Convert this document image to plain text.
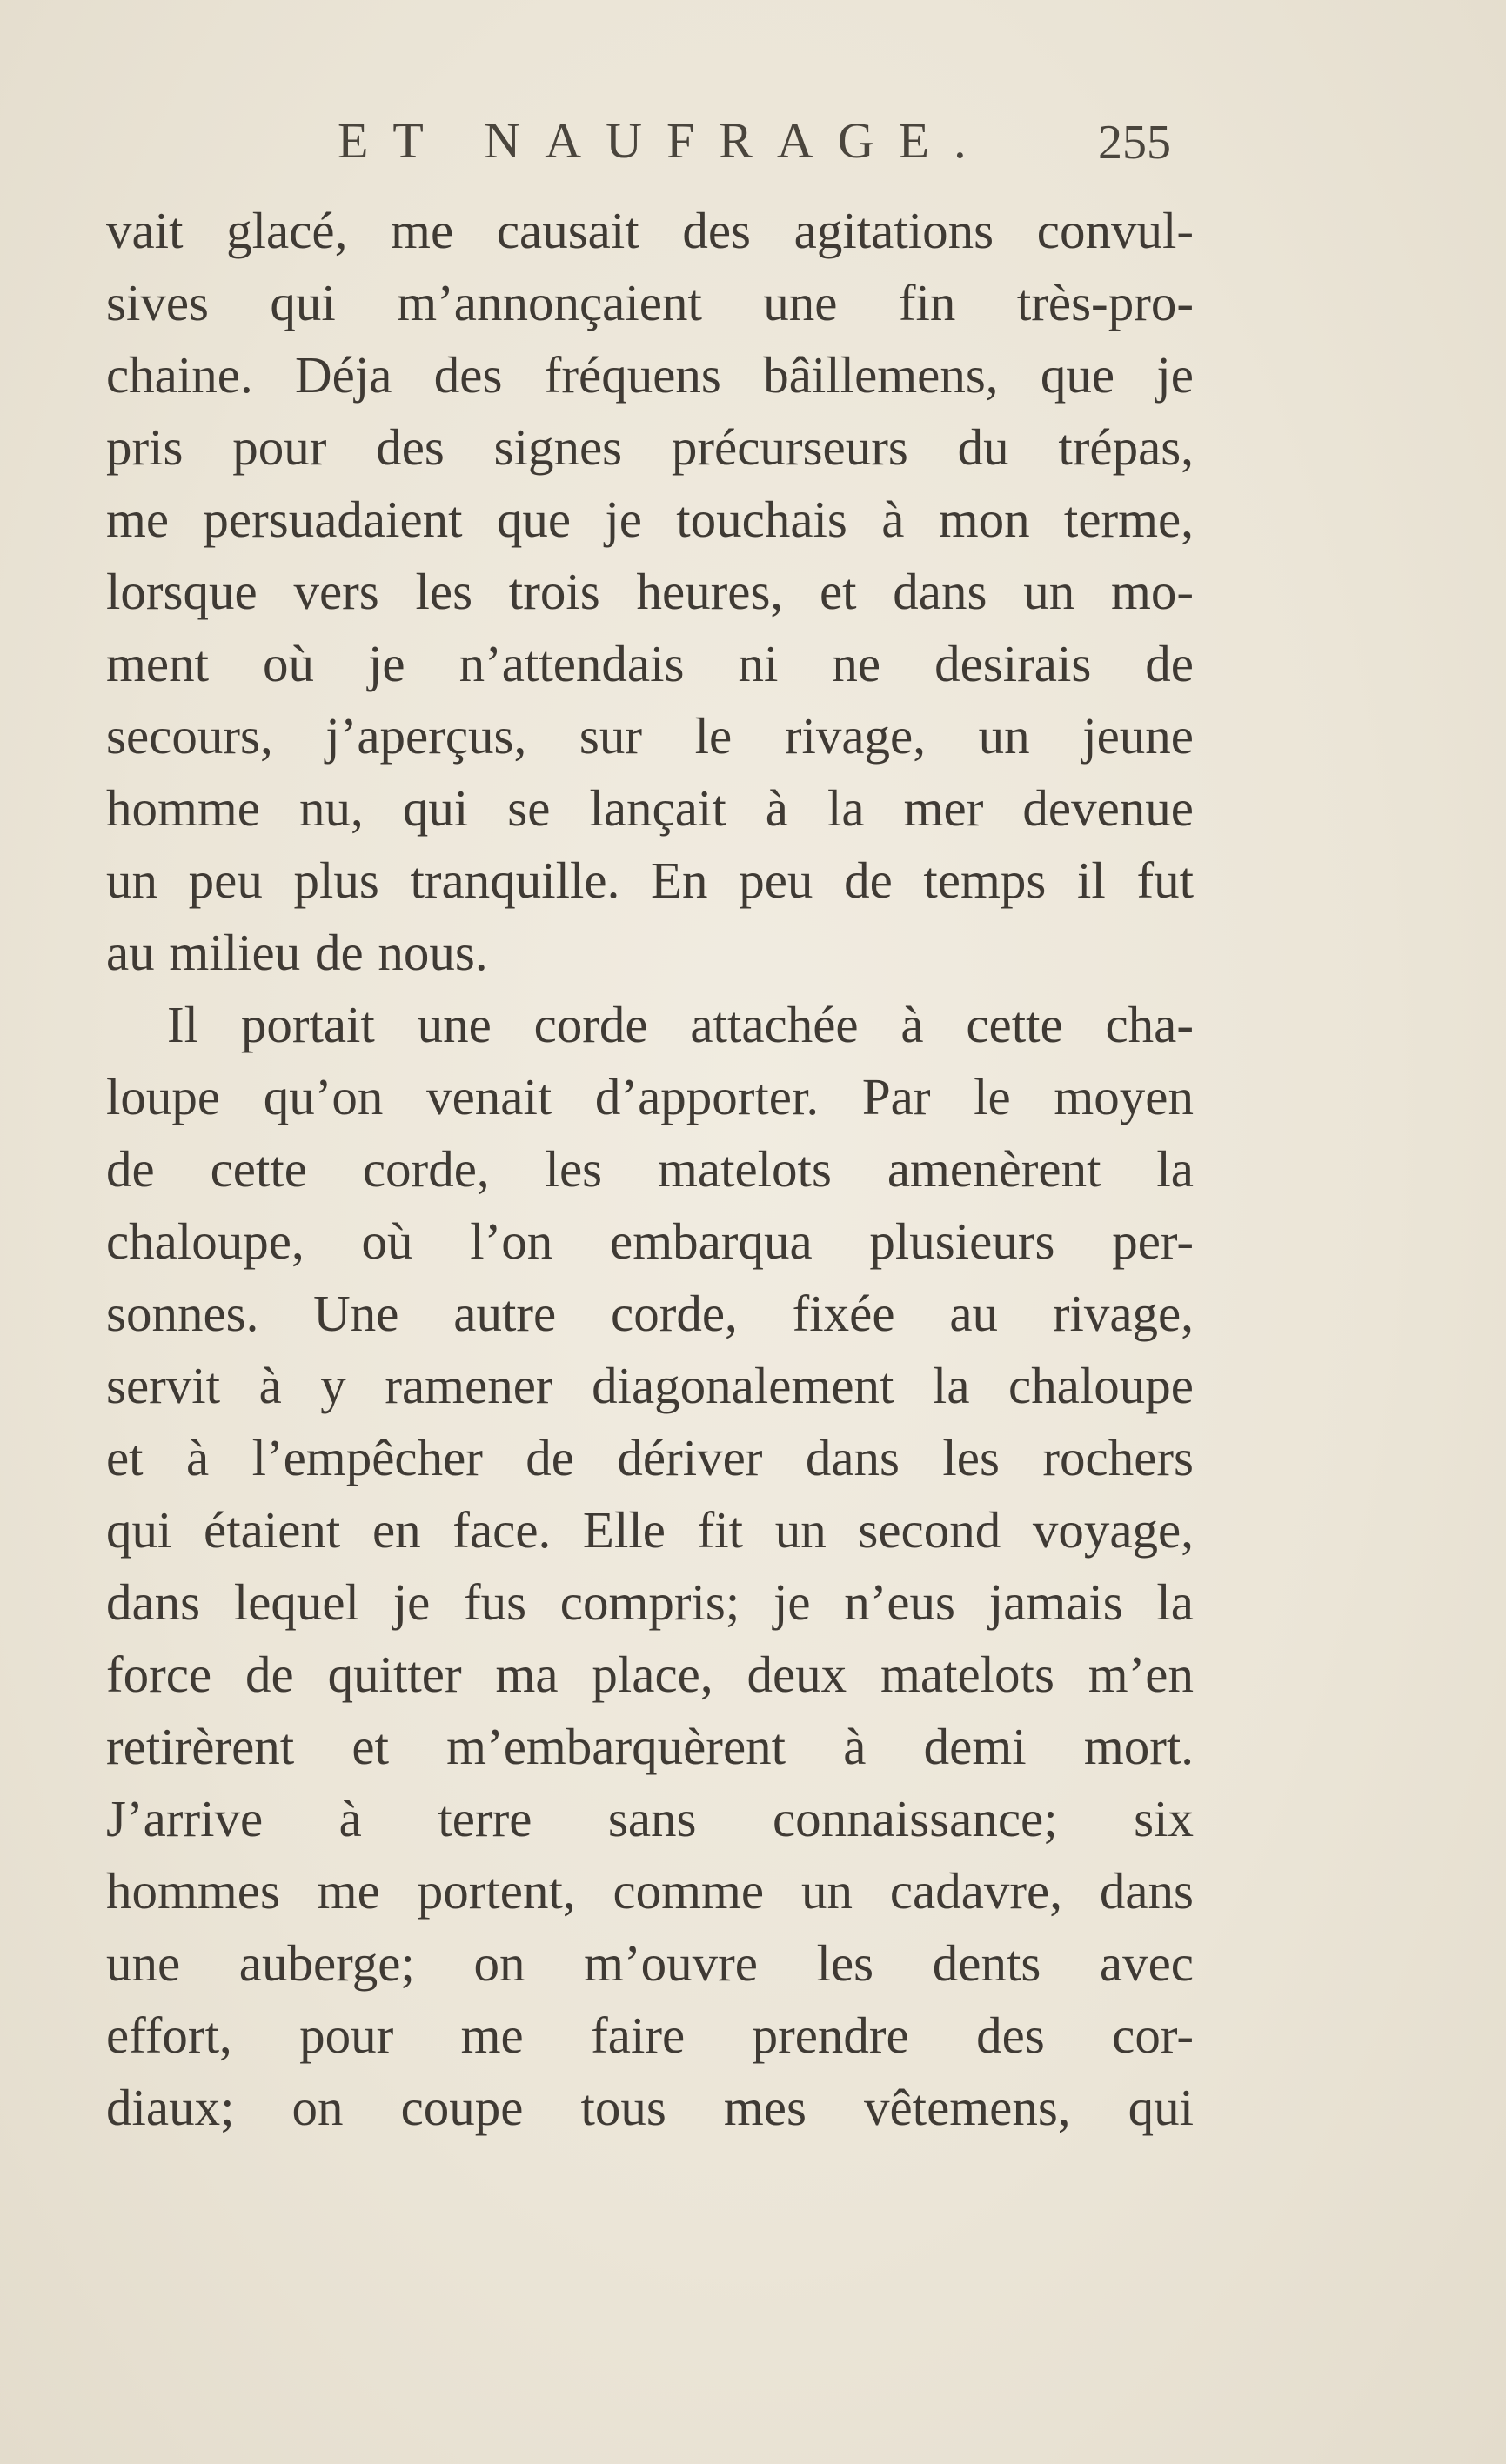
ET NAUFRAGE.	255
vait glacé, me causait des agitations convul-
sives qui m’annonçaient une fin très-pro-
chaine. Déja des fréquens bâillemens, que je
pris pour des signes précurseurs du trépas,
me persuadaient que je touchais à mon terme,
lorsque vers les trois heures, et dans un mo-
ment où je n’attendais ni ne desirais de
secours, j’aperçus, sur le rivage, un jeune
homme nu, qui se lançait à la mer devenue
un peu plus tranquille. En peu de temps il fut
au milieu de nous.
Il portait une corde attachée à cette cha-
loupe qu’on venait d’apporter. Par le moyen
de cette corde, les matelots amenèrent la
chaloupe, où l’on embarqua plusieurs per-
sonnes. Une autre corde, fixée au rivage,
servit à y ramener diagonalement la chaloupe
et à l’empêcher de dériver dans les rochers
qui étaient en face. Elle fit un second voyage,
dans lequel je fus compris; je n’eus jamais la
force de quitter ma place, deux matelots m’en
retirèrent et m’embarquèrent à demi mort.
J’arrive à terre sans connaissance; six
hommes me portent, comme un cadavre, dans
une auberge; on m’ouvre les dents avec
effort, pour me faire prendre des cor-
diaux; on coupe tous mes vêtemens, qui
